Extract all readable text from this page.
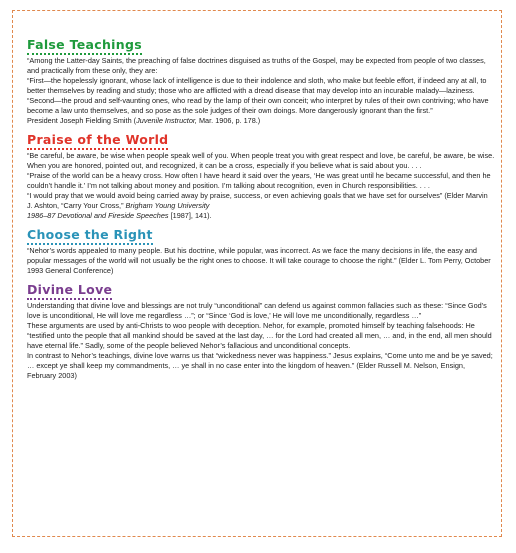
False Teachings

“Among the Latter-day Saints, the preaching of false doctrines disguised as truths of the Gospel, may be expected from people of two classes, and practically from these only, they are:

“First—the hopelessly ignorant, whose lack of intelligence is due to their indolence and sloth, who make but feeble effort, if indeed any at all, to better themselves by reading and study; those who are afflicted with a dread disease that may develop into an incurable malady—laziness.

“Second—the proud and self-vaunting ones, who read by the lamp of their own conceit; who interpret by rules of their own contriving; who have become a law unto themselves, and so pose as the sole judges of their own doings. More dangerously ignorant than the first.”

President Joseph Fielding Smith (Juvenile Instructor, Mar. 1906, p. 178.)

Praise of the World

“Be careful, be aware, be wise when people speak well of you. When people treat you with great respect and love, be careful, be aware, be wise. When you are honored, pointed out, and recognized, it can be a cross, especially if you believe what is said about you. . . .

“Praise of the world can be a heavy cross. How often I have heard it said over the years, ‘He was great until he became successful, and then he couldn’t handle it.’ I’m not talking about money and position. I’m talking about recognition, even in Church responsibilities. . . .

“I would pray that we would avoid being carried away by praise, success, or even achieving goals that we have set for ourselves” (Elder Marvin J. Ashton, “Carry Your Cross,” Brigham Young University
1986–87 Devotional and Fireside Speeches [1987], 141).

Choose the Right

“Nehor’s words appealed to many people. But his doctrine, while popular, was incorrect. As we face the many decisions in life, the easy and popular messages of the world will not usually be the right ones to choose. It will take courage to choose the right.” (Elder L. Tom Perry, October 1993 General Conference)

Divine Love

Understanding that divine love and blessings are not truly “unconditional” can defend us against common fallacies such as these: “Since God’s love is unconditional, He will love me regardless …”; or “Since ‘God is love,’ He will love me unconditionally, regardless …”

These arguments are used by anti-Christs to woo people with deception. Nehor, for example, promoted himself by teaching falsehoods: He “testified unto the people that all mankind should be saved at the last day, … for the Lord had created all men, … and, in the end, all men should have eternal life.” Sadly, some of the people believed Nehor’s fallacious and unconditional concepts.

In contrast to Nehor’s teachings, divine love warns us that “wickedness never was happiness.” Jesus explains, “Come unto me and be ye saved; … except ye shall keep my commandments, … ye shall in no case enter into the kingdom of heaven.” (Elder Russell M. Nelson, Ensign, February 2003)
